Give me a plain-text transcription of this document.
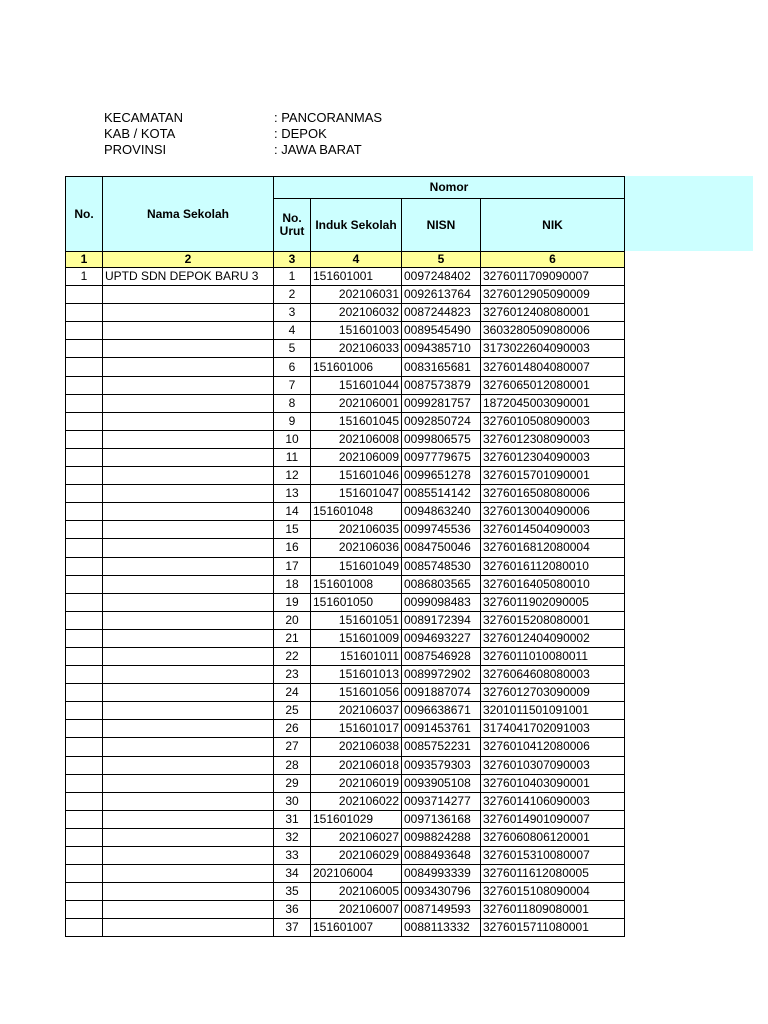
KECAMATAN	: PANCORANMAS
KAB / KOTA	: DEPOK
PROVINSI	: JAWA BARAT
No.	Nama Sekolah	Nomor			
		No. Urut	Induk Sekolah	NISN	NIK
1	2	3	4	5	6
1	UPTD SDN DEPOK BARU 3	1	151601001	0097248402	3276011709090007
		2	202106031	0092613764	3276012905090009
		3	202106032	0087244823	3276012408080001
		4	151601003	0089545490	3603280509080006
		5	202106033	0094385710	3173022604090003
		6	151601006	0083165681	3276014804080007
		7	151601044	0087573879	3276065012080001
		8	202106001	0099281757	1872045003090001
		9	151601045	0092850724	3276010508090003
		10	202106008	0099806575	3276012308090003
		11	202106009	0097779675	3276012304090003
		12	151601046	0099651278	3276015701090001
		13	151601047	0085514142	3276016508080006
		14	151601048	0094863240	3276013004090006
		15	202106035	0099745536	3276014504090003
		16	202106036	0084750046	3276016812080004
		17	151601049	0085748530	3276016112080010
		18	151601008	0086803565	3276016405080010
		19	151601050	0099098483	3276011902090005
		20	151601051	0089172394	3276015208080001
		21	151601009	0094693227	3276012404090002
		22	151601011	0087546928	3276011010080011
		23	151601013	0089972902	3276064608080003
		24	151601056	0091887074	3276012703090009
		25	202106037	0096638671	3201011501091001
		26	151601017	0091453761	3174041702091003
		27	202106038	0085752231	3276010412080006
		28	202106018	0093579303	3276010307090003
		29	202106019	0093905108	3276010403090001
		30	202106022	0093714277	3276014106090003
		31	151601029	0097136168	3276014901090007
		32	202106027	0098824288	3276060806120001
		33	202106029	0088493648	3276015310080007
		34	202106004	0084993339	3276011612080005
		35	202106005	0093430796	3276015108090004
		36	202106007	0087149593	3276011809080001
		37	151601007	0088113332	3276015711080001
